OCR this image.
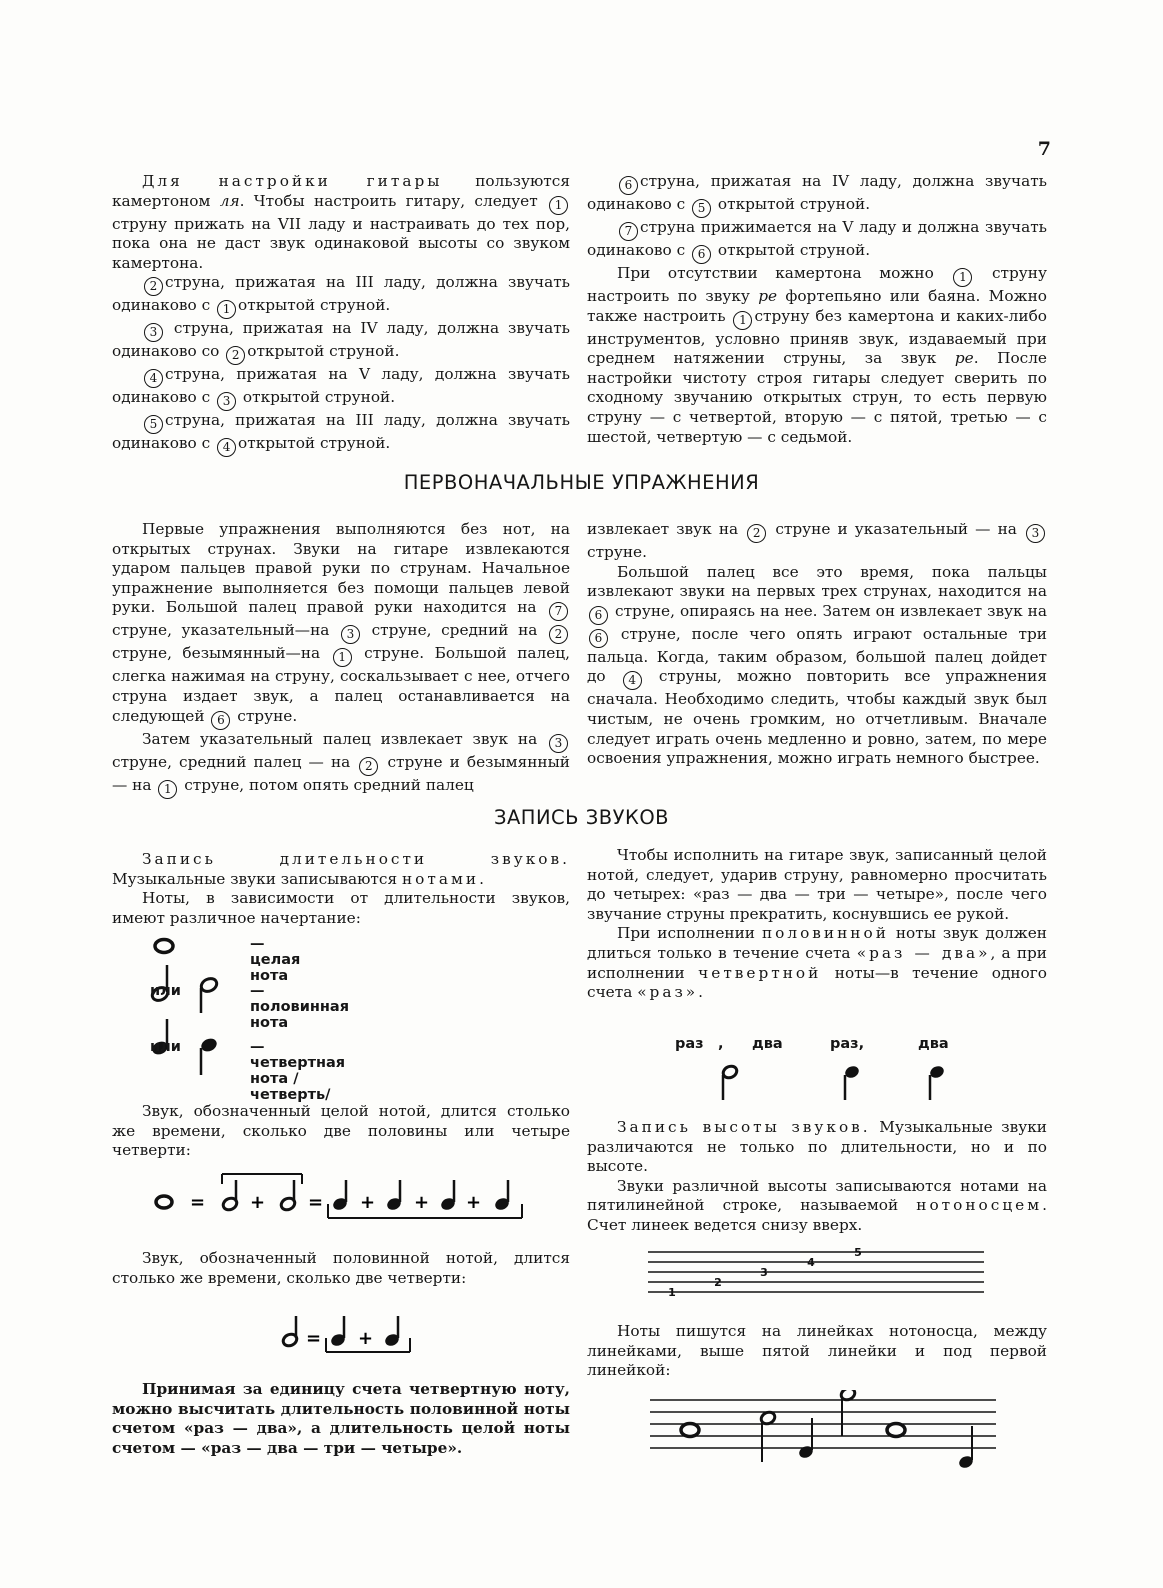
7

Для настройки гитары пользуются камертоном ля. Чтобы настроить гитару, следует 1 струну прижать на VII ладу и настраивать до тех пор, пока она не даст звук одинаковой высоты со звуком камертона.

2 струна, прижатая на III ладу, должна звучать одинаково с 1 открытой струной.

3 струна, прижатая на IV ладу, должна звучать одинаково со 2 открытой струной.

4 струна, прижатая на V ладу, должна звучать одинаково с 3 открытой струной.

5 струна, прижатая на III ладу, должна звучать одинаково с 4 открытой струной.

6 струна, прижатая на IV ладу, должна звучать одинаково с 5 открытой струной.

7 струна прижимается на V ладу и должна звучать одинаково с 6 открытой струной.

При отсутствии камертона можно 1 струну настроить по звуку ре фортепьяно или баяна. Можно также настроить 1 струну без камертона и каких-либо инструментов, условно приняв звук, издаваемый при среднем натяжении струны, за звук ре. После настройки чистоту строя гитары следует сверить по сходному звучанию открытых струн, то есть первую струну — с четвертой, вторую — с пятой, третью — с шестой, четвертую — с седьмой.

ПЕРВОНАЧАЛЬНЫЕ УПРАЖНЕНИЯ

Первые упражнения выполняются без нот, на открытых струнах. Звуки на гитаре извлекаются ударом пальцев правой руки по струнам. Начальное упражнение выполняется без помощи пальцев левой руки. Большой палец правой руки находится на 7 струне, указательный—на 3 струне, средний на 2 струне, безымянный—на 1 струне. Большой палец, слегка нажимая на струну, соскальзывает с нее, отчего струна издает звук, а палец останавливается на следующей 6 струне.

Затем указательный палец извлекает звук на 3 струне, средний палец — на 2 струне и безымянный — на 1 струне, потом опять средний палец

извлекает звук на 2 струне и указательный — на 3 струне.

Большой палец все это время, пока пальцы извлекают звуки на первых трех струнах, находится на 6 струне, опираясь на нее. Затем он извлекает звук на 6 струне, после чего опять играют остальные три пальца. Когда, таким образом, большой палец дойдет до 4 струны, можно повторить все упражнения сначала. Необходимо следить, чтобы каждый звук был чистым, не очень громким, но отчетливым. Вначале следует играть очень медленно и ровно, затем, по мере освоения упражнения, можно играть немного быстрее.

ЗАПИСЬ ЗВУКОВ

Запись длительности звуков. Музыкальные звуки записываются нотами.

Ноты, в зависимости от длительности звуков, имеют различное начертание:

— целая нота
или	— половинная нота
или	— четвертная нота /четверть/

Звук, обозначенный целой нотой, длится столько же времени, сколько две половины или четыре четверти:

= + = + + +

Звук, обозначенный половинной нотой, длится столько же времени, сколько две четверти:

= +

Принимая за единицу счета четвертную ноту, можно высчитать длительность половинной ноты счетом «раз — два», а длительность целой ноты счетом — «раз — два — три — четыре».

Чтобы исполнить на гитаре звук, записанный целой нотой, следует, ударив струну, равномерно просчитать до четырех: «раз — два — три — четыре», после чего звучание струны прекратить, коснувшись ее рукой.

При исполнении половинной ноты звук должен длиться только в течение счета «раз — два», а при исполнении четвертной ноты—в течение одного счета «раз».

раз , два	раз,	два

Запись высоты звуков. Музыкальные звуки различаются не только по длительности, но и по высоте.

Звуки различной высоты записываются нотами на пятилинейной строке, называемой нотоносцем. Счет линеек ведется снизу вверх.

1
2
3
4
5

Ноты пишутся на линейках нотоносца, между линейками, выше пятой линейки и под первой линейкой:
